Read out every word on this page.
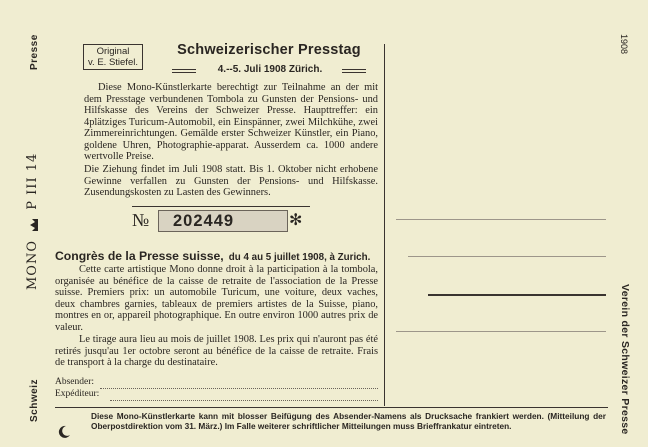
Presse
MONO  P III 14
Schweiz
1908
Verein der Schweizer Presse
Original
v. E. Stiefel.
Schweizerischer Presstag
4.--5. Juli 1908 Zürich.
Diese Mono-Künstlerkarte berechtigt zur Teilnahme an der mit dem Presstage verbundenen Tombola zu Gunsten der Pensions- und Hilfskasse des Vereins der Schweizer Presse. Haupttreffer: ein 4plätziges Turicum-Automobil, ein Einspänner, zwei Milchkühe, zwei Zimmereinrichtungen. Gemälde erster Schweizer Künstler, ein Piano, goldene Uhren, Photographie-apparat. Ausserdem ca. 1000 andere wertvolle Preise.
Die Ziehung findet im Juli 1908 statt. Bis 1. Oktober nicht erhobene Gewinne verfallen zu Gunsten der Pensions- und Hilfskasse. Zusendungskosten zu Lasten des Gewinners.
№ 202449	✻
Congrès de la Presse suisse, du 4 au 5 juillet 1908, à Zurich.
Cette carte artistique Mono donne droit à la participation à la tombola, organisée au bénéfice de la caisse de retraite de l'association de la Presse suisse. Premiers prix: un automobile Turicum, une voiture, deux vaches, deux chambres garnies, tableaux de premiers artistes de la Suisse, piano, montres en or, appareil photographique. En outre environ 1000 autres prix de valeur.
Le tirage aura lieu au mois de juillet 1908. Les prix qui n'auront pas été retirés jusqu'au 1er octobre seront au bénéfice de la caisse de retraite. Frais de transport à la charge du destinataire.
Absender:
Expéditeur:
Diese Mono-Künstlerkarte kann mit blosser Beifügung des Absender-Namens als Drucksache frankiert werden. (Mitteilung der Oberpostdirektion vom 31. März.) Im Falle weiterer schriftlicher Mitteilungen muss Brieffrankatur eintreten.
